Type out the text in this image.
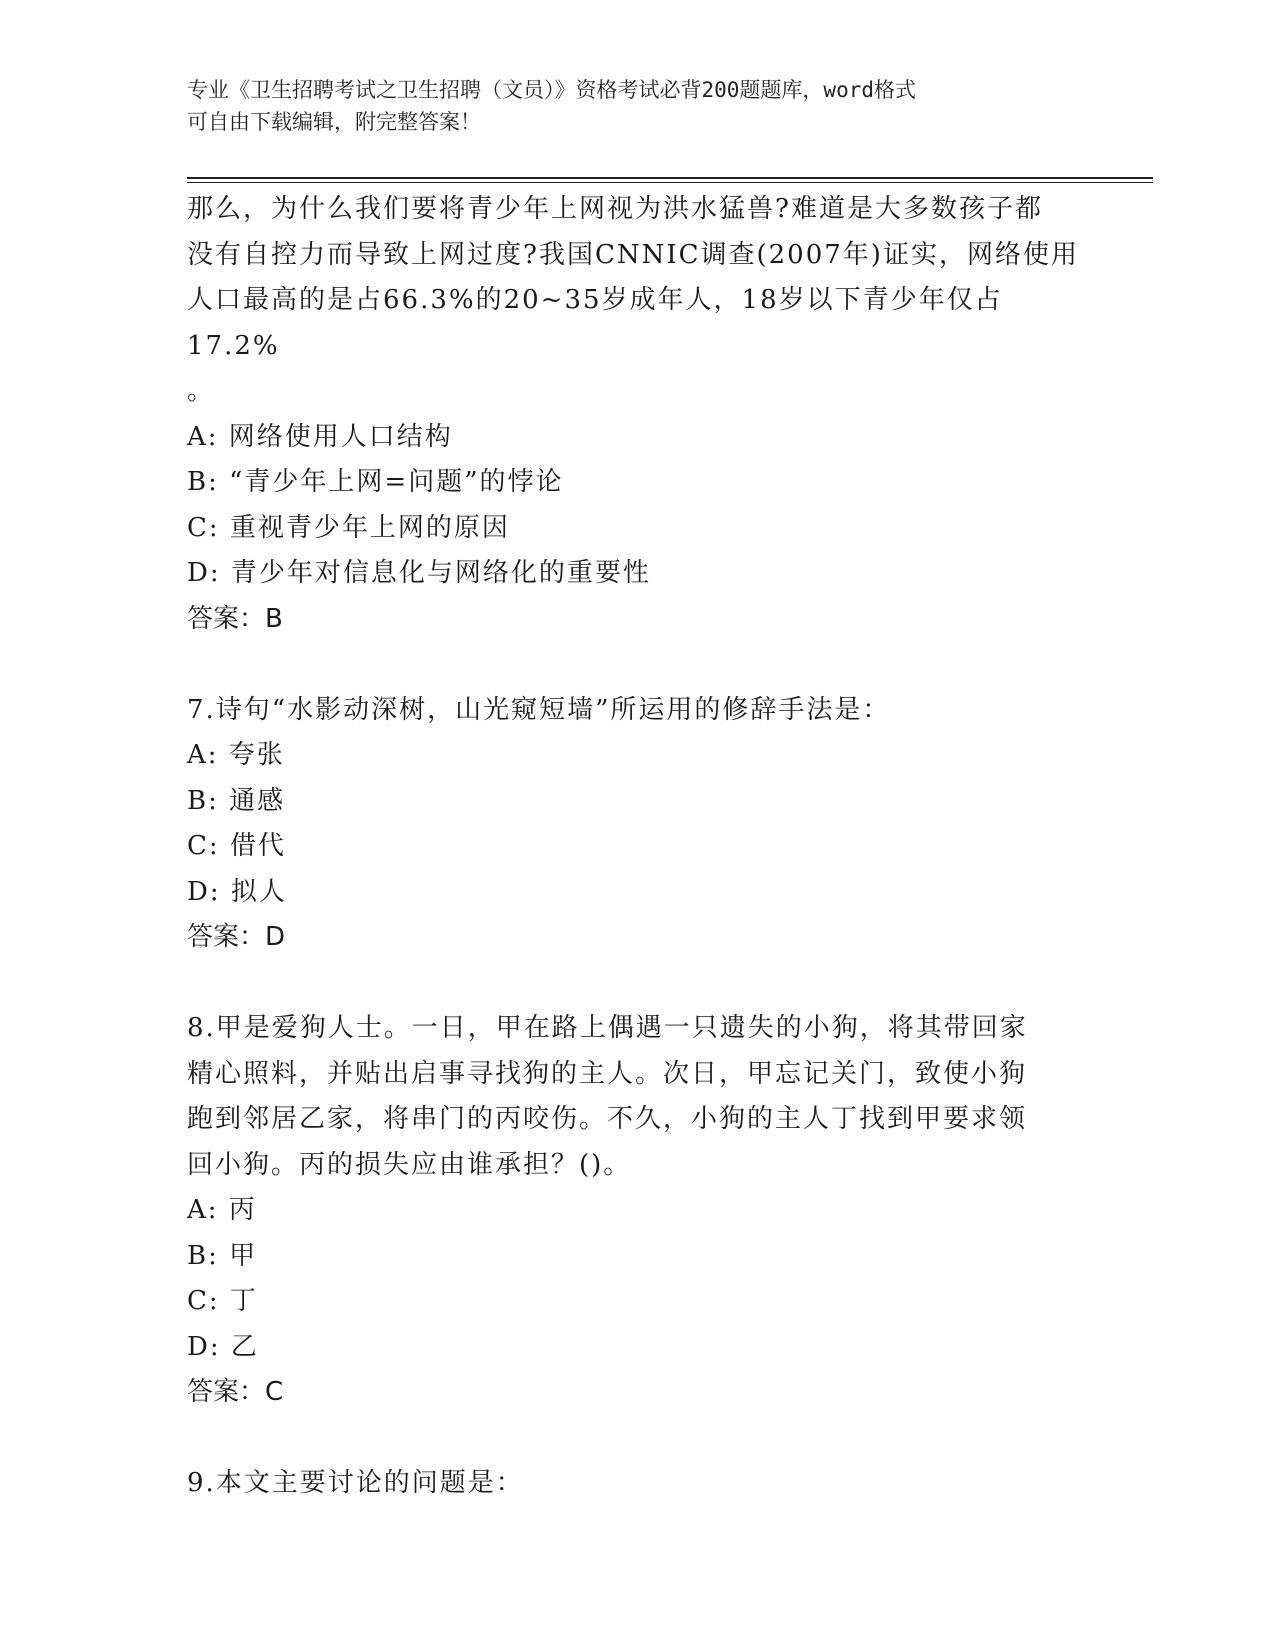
专业《卫生招聘考试之卫生招聘（文员）》资格考试必背200题题库，word格式
可自由下载编辑，附完整答案！

那么，为什么我们要将青少年上网视为洪水猛兽?难道是大多数孩子都

没有自控力而导致上网过度?我国CNNIC调查(2007年)证实，网络使用

人口最高的是占66.3%的20~35岁成年人，18岁以下青少年仅占17.2%

。

A: 网络使用人口结构

B: “青少年上网=问题”的悖论

C: 重视青少年上网的原因

D: 青少年对信息化与网络化的重要性

答案：B

7.诗句“水影动深树，山光窥短墙”所运用的修辞手法是：

A: 夸张

B: 通感

C: 借代

D: 拟人

答案：D

8.甲是爱狗人士。一日，甲在路上偶遇一只遗失的小狗，将其带回家

精心照料，并贴出启事寻找狗的主人。次日，甲忘记关门，致使小狗

跑到邻居乙家，将串门的丙咬伤。不久，小狗的主人丁找到甲要求领

回小狗。丙的损失应由谁承担？()。

A: 丙

B: 甲

C: 丁

D: 乙

答案：C

9.本文主要讨论的问题是：
